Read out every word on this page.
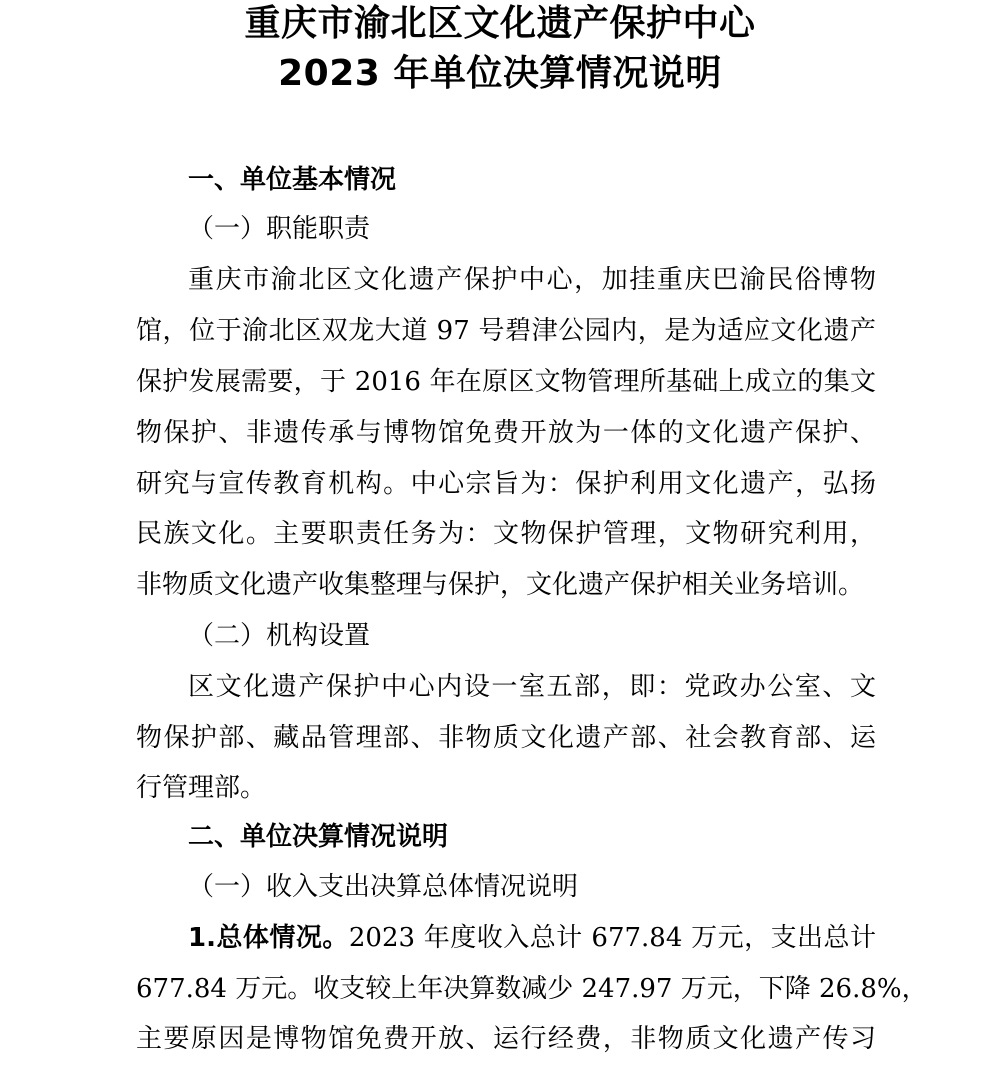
重庆市渝北区文化遗产保护中心
2023 年单位决算情况说明
一、单位基本情况
（一）职能职责
重庆市渝北区文化遗产保护中心，加挂重庆巴渝民俗博物
馆，位于渝北区双龙大道 97 号碧津公园内，是为适应文化遗产
保护发展需要，于 2016 年在原区文物管理所基础上成立的集文
物保护、非遗传承与博物馆免费开放为一体的文化遗产保护、
研究与宣传教育机构。中心宗旨为：保护利用文化遗产，弘扬
民族文化。主要职责任务为：文物保护管理，文物研究利用，
非物质文化遗产收集整理与保护，文化遗产保护相关业务培训。
（二）机构设置
区文化遗产保护中心内设一室五部，即：党政办公室、文
物保护部、藏品管理部、非物质文化遗产部、社会教育部、运
行管理部。
二、单位决算情况说明
（一）收入支出决算总体情况说明
1.总体情况。2023 年度收入总计 677.84 万元，支出总计
677.84 万元。收支较上年决算数减少 247.97 万元，下降 26.8%，
主要原因是博物馆免费开放、运行经费，非物质文化遗产传习
